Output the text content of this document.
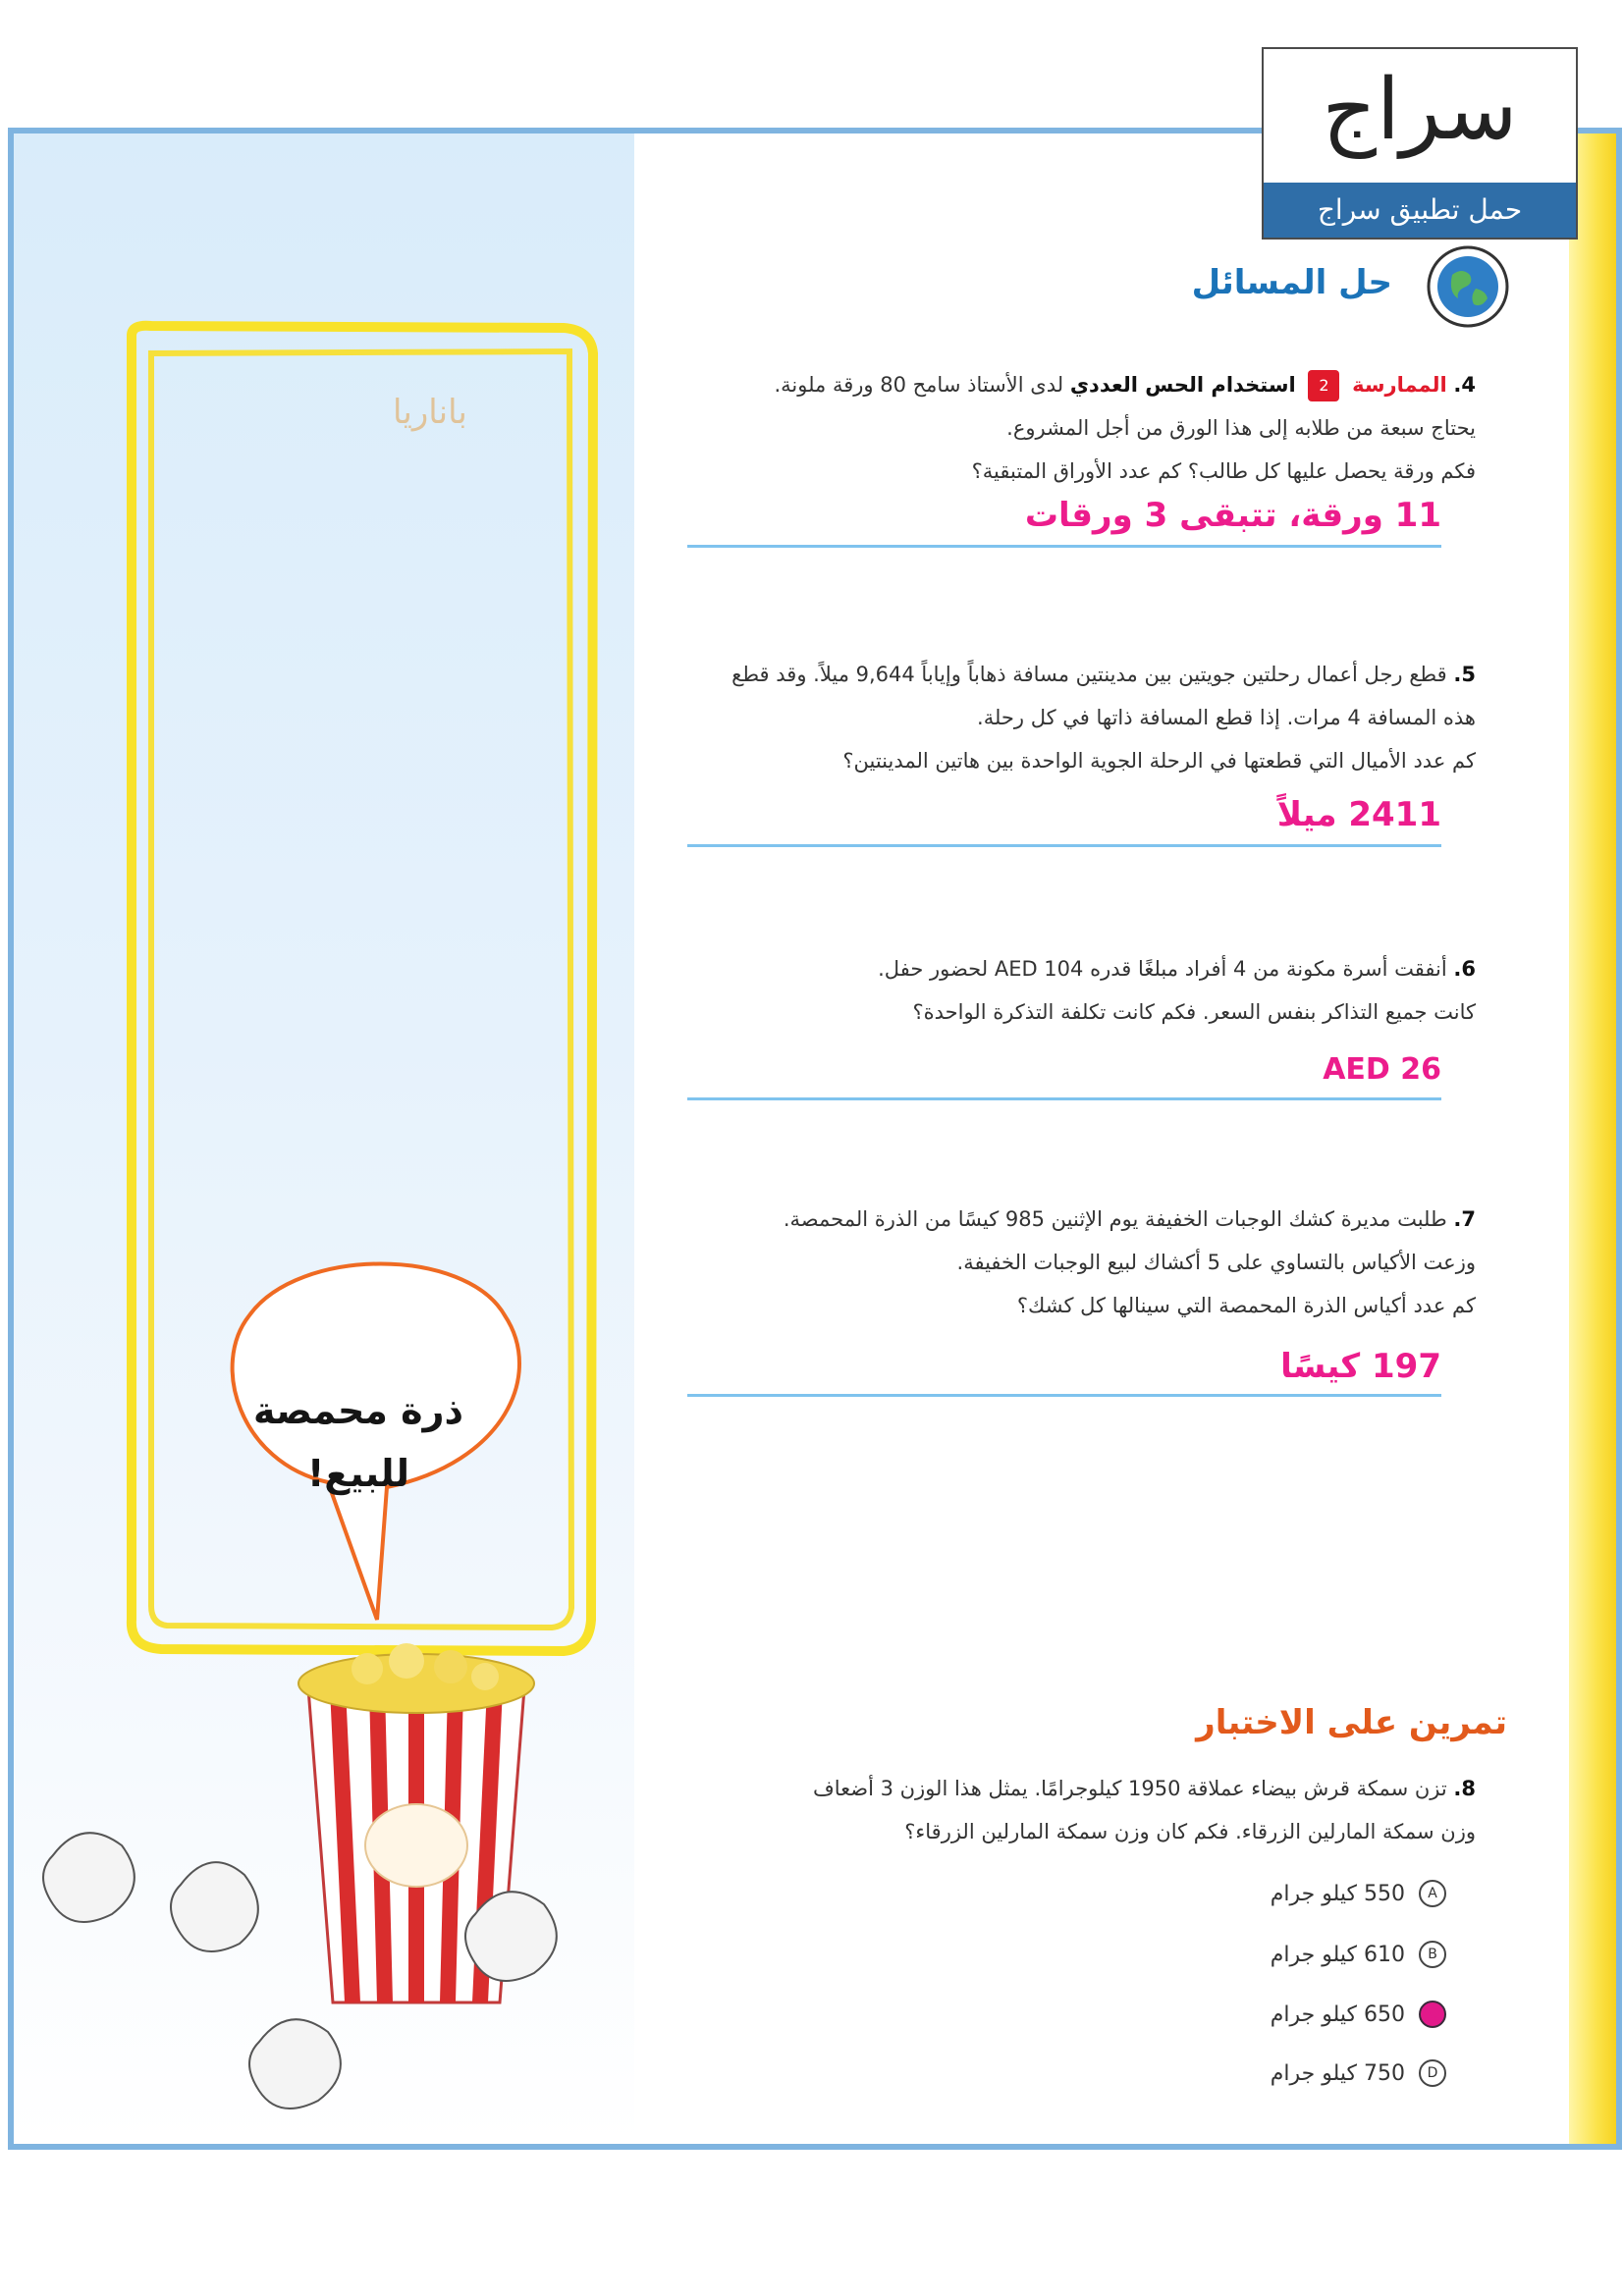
باناريا
ذرة محمصة للبيع!
سراج
حمل تطبيق سراج
حل المسائل
4. الممارسة 2 استخدام الحس العددي لدى الأستاذ سامح 80 ورقة ملونة.
يحتاج سبعة من طلابه إلى هذا الورق من أجل المشروع.
فكم ورقة يحصل عليها كل طالب؟ كم عدد الأوراق المتبقية؟
11 ورقة، تتبقى 3 ورقات
5. قطع رجل أعمال رحلتين جويتين بين مدينتين مسافة ذهاباً وإياباً 9,644 ميلاً. وقد قطع
هذه المسافة 4 مرات. إذا قطع المسافة ذاتها في كل رحلة.
كم عدد الأميال التي قطعتها في الرحلة الجوية الواحدة بين هاتين المدينتين؟
2411 ميلاً
6. أنفقت أسرة مكونة من 4 أفراد مبلغًا قدره AED 104 لحضور حفل.
كانت جميع التذاكر بنفس السعر. فكم كانت تكلفة التذكرة الواحدة؟
AED 26
7. طلبت مديرة كشك الوجبات الخفيفة يوم الإثنين 985 كيسًا من الذرة المحمصة.
وزعت الأكياس بالتساوي على 5 أكشاك لبيع الوجبات الخفيفة.
كم عدد أكياس الذرة المحمصة التي سينالها كل كشك؟
197 كيسًا
تمرين على الاختبار
8. تزن سمكة قرش بيضاء عملاقة 1950 كيلوجرامًا. يمثل هذا الوزن 3 أضعاف
وزن سمكة المارلين الزرقاء. فكم كان وزن سمكة المارلين الزرقاء؟
A
550 كيلو جرام
B
610 كيلو جرام
C
650 كيلو جرام
D
750 كيلو جرام
